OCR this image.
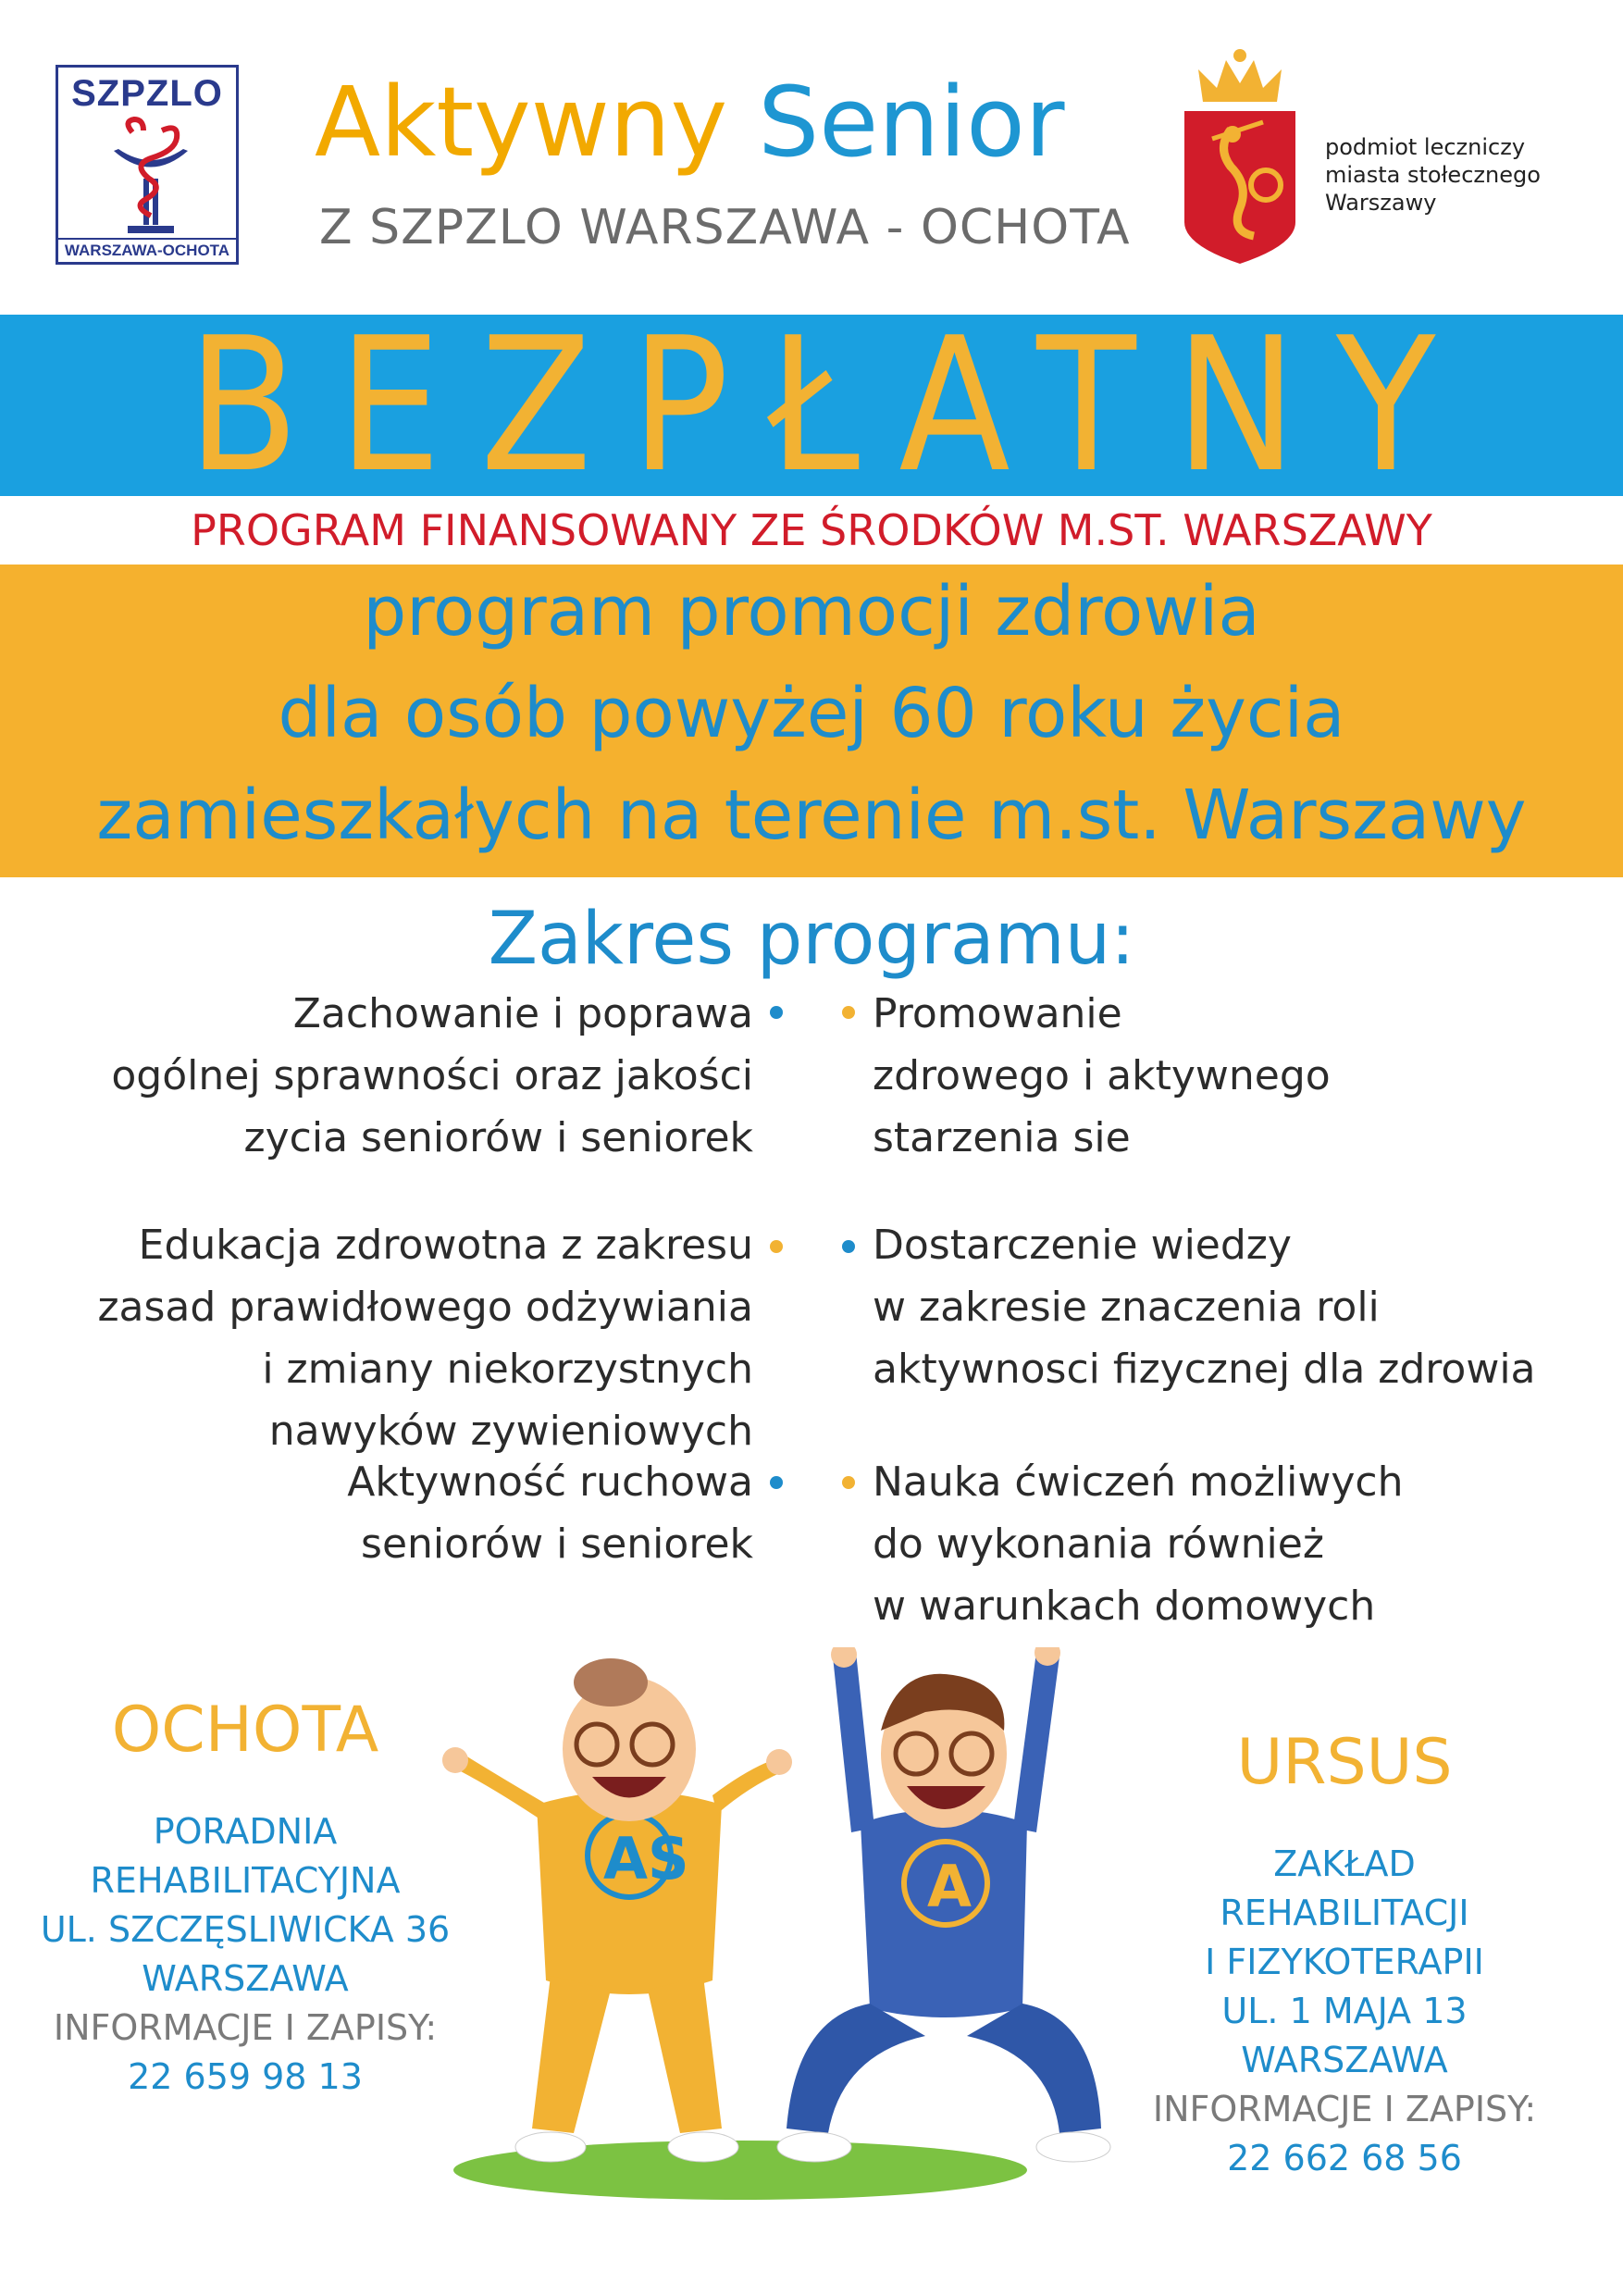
SZPZLO
WARSZAWA-OCHOTA
Aktywny Senior
Z SZPZLO WARSZAWA - OCHOTA
podmiot leczniczy
miasta stołecznego
Warszawy
BEZPŁATNY
PROGRAM FINANSOWANY ZE ŚRODKÓW M.ST. WARSZAWY
program promocji zdrowia
dla osób powyżej 60 roku życia
zamieszkałych na terenie m.st. Warszawy
Zakres programu:
Zachowanie i poprawa
ogólnej sprawności oraz jakości
zycia seniorów i seniorek
Edukacja zdrowotna z zakresu
zasad prawidłowego odżywiania
i zmiany niekorzystnych
nawyków zywieniowych
Aktywność ruchowa
seniorów i seniorek
Promowanie
zdrowego i aktywnego
starzenia sie
Dostarczenie wiedzy
w zakresie znaczenia roli
aktywnosci fizycznej dla zdrowia
Nauka ćwiczeń możliwych
do wykonania również
w warunkach domowych
OCHOTA
PORADNIA
REHABILITACYJNA
UL. SZCZĘSLIWICKA 36
WARSZAWA
INFORMACJE I ZAPISY:
22 659 98 13
URSUS
ZAKŁAD
REHABILITACJI
I FIZYKOTERAPII
UL. 1 MAJA 13
WARSZAWA
INFORMACJE I ZAPISY:
22 662 68 56
AS	A
